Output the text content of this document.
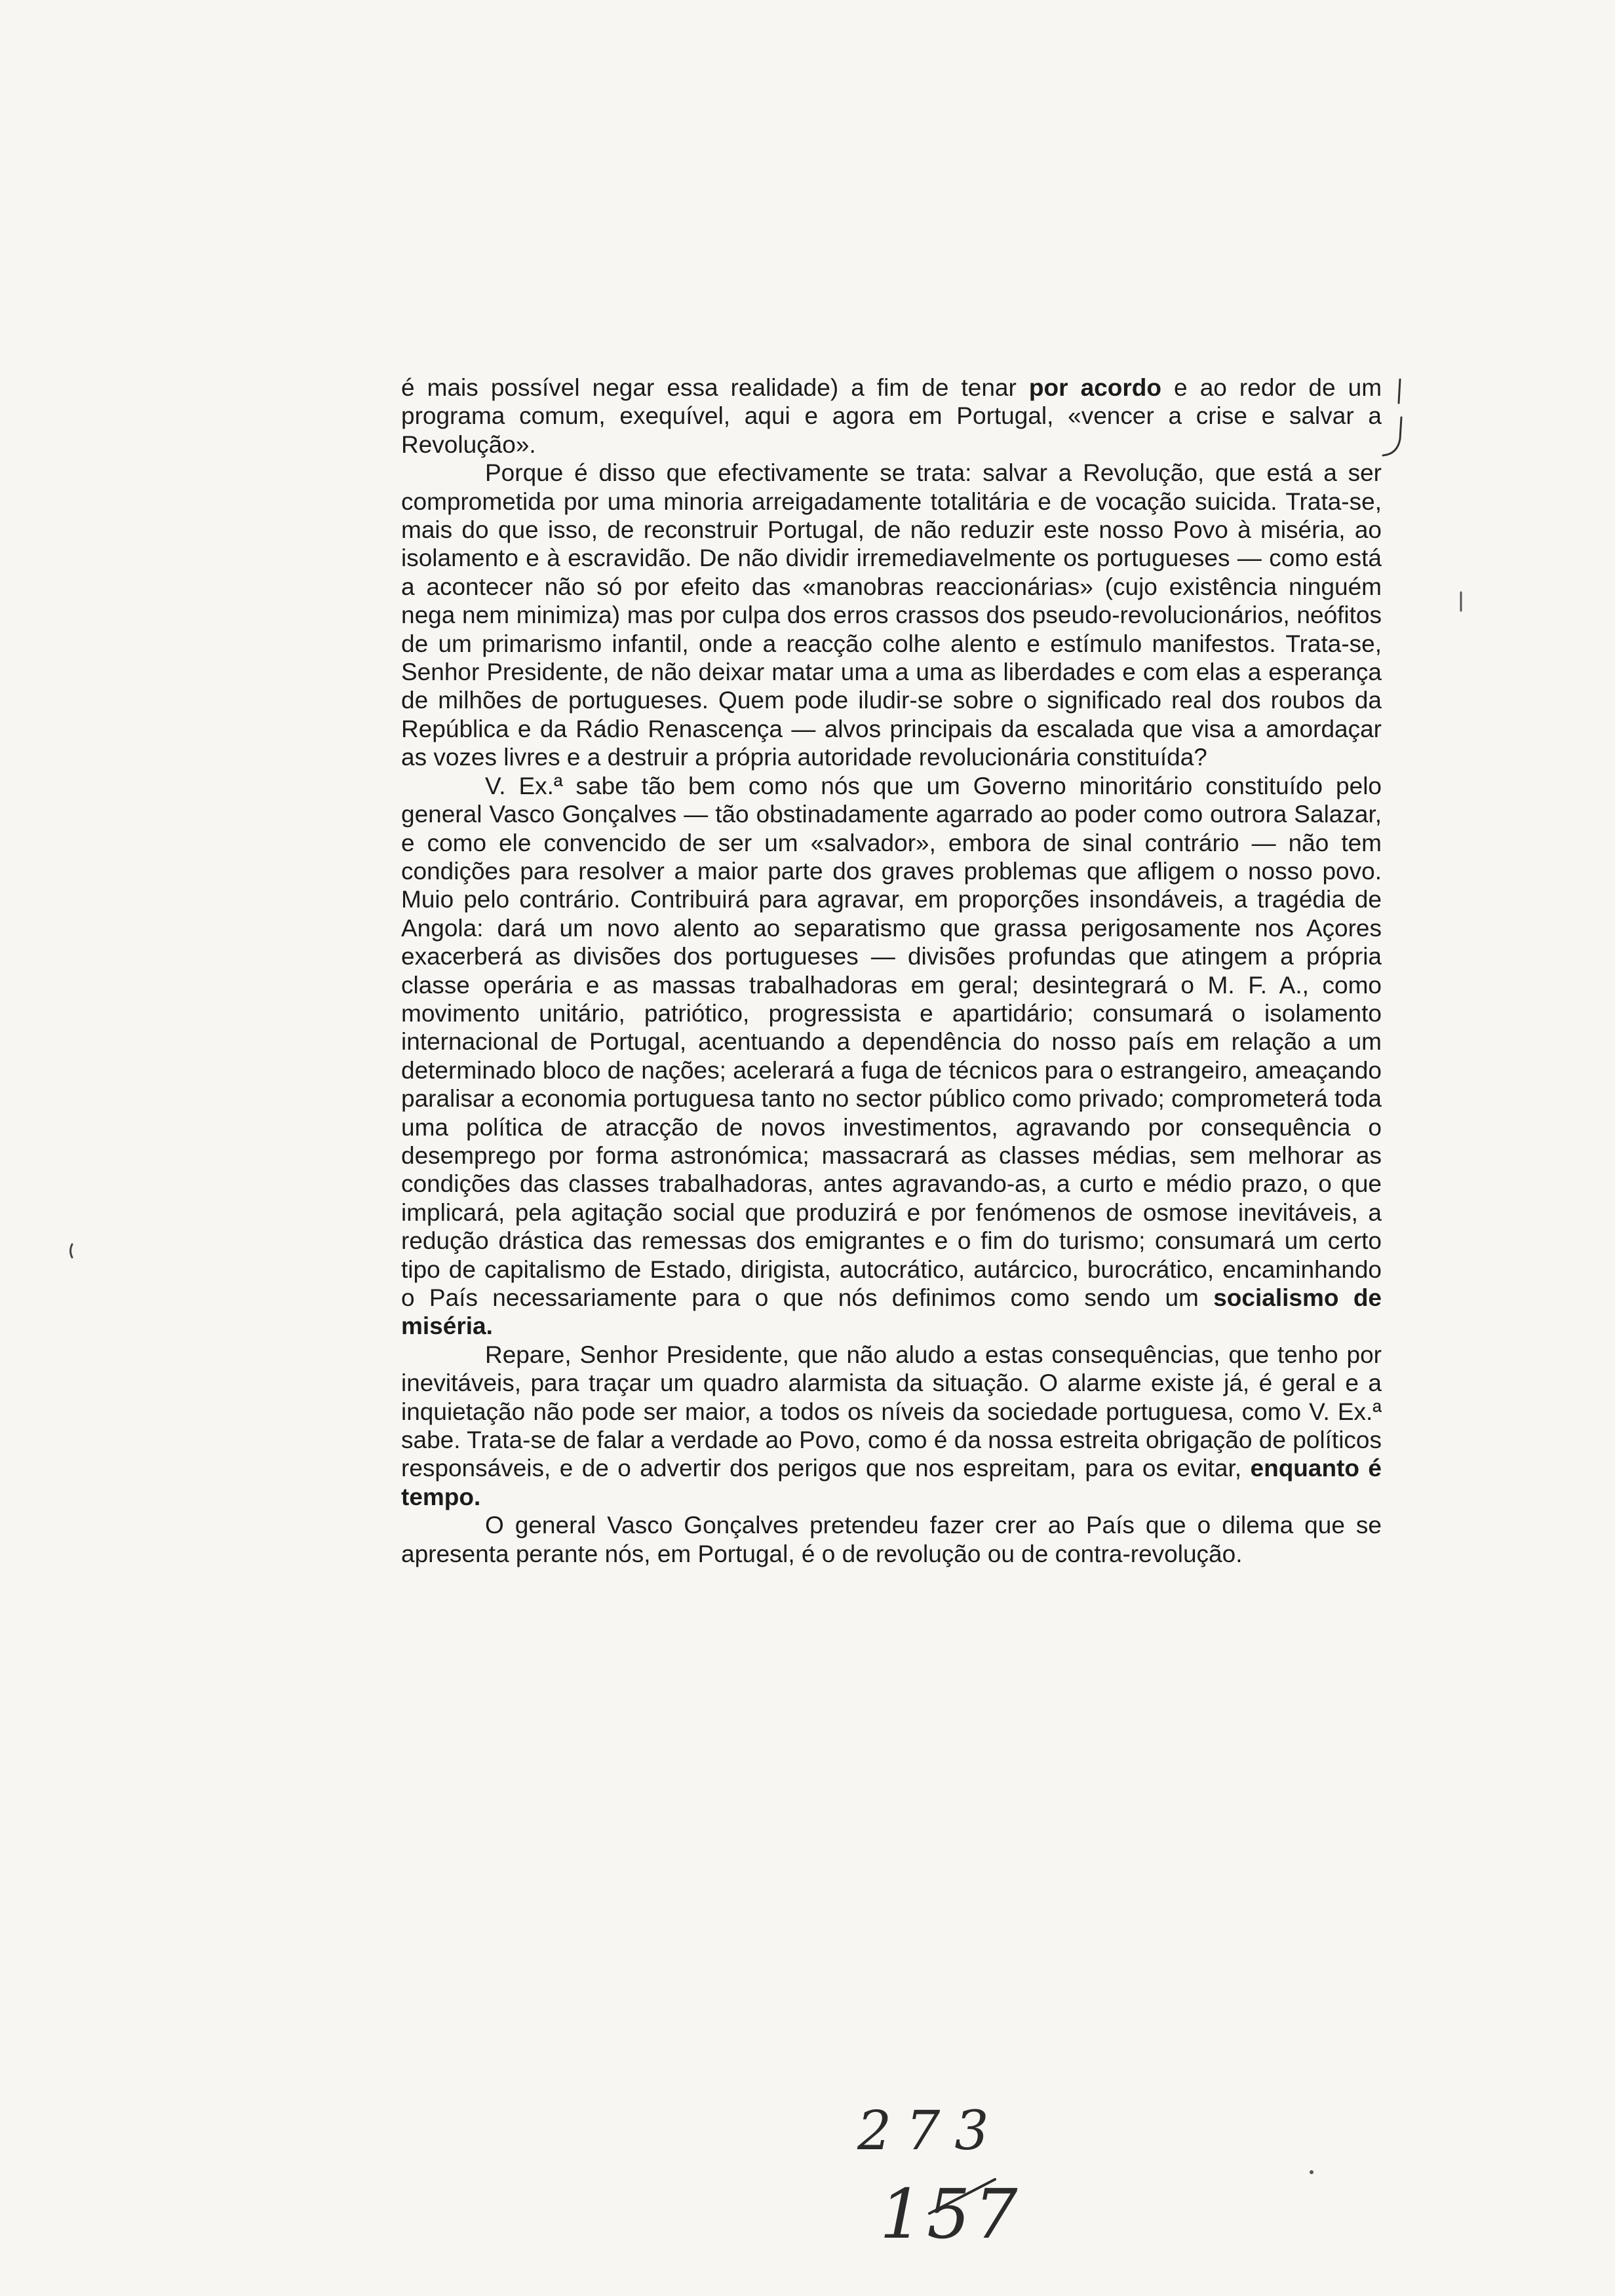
é mais possível negar essa realidade) a fim de tenar por acordo e ao redor de um programa comum, exequível, aqui e agora em Portugal, «vencer a crise e salvar a Revolução».

Porque é disso que efectivamente se trata: salvar a Revolução, que está a ser comprometida por uma minoria arreigadamente totalitária e de vocação suicida. Trata-se, mais do que isso, de reconstruir Portugal, de não reduzir este nosso Povo à miséria, ao isolamento e à escravidão. De não dividir irremediavelmente os portugueses — como está a acontecer não só por efeito das «manobras reaccionárias» (cujo existência ninguém nega nem minimiza) mas por culpa dos erros crassos dos pseudo-revolucionários, neófitos de um primarismo infantil, onde a reacção colhe alento e estímulo manifestos. Trata-se, Senhor Presidente, de não deixar matar uma a uma as liberdades e com elas a esperança de milhões de portugueses. Quem pode iludir-se sobre o significado real dos roubos da República e da Rádio Renascença — alvos principais da escalada que visa a amordaçar as vozes livres e a destruir a própria autoridade revolucionária constituída?

V. Ex.ª sabe tão bem como nós que um Governo minoritário constituído pelo general Vasco Gonçalves — tão obstinadamente agarrado ao poder como outrora Salazar, e como ele convencido de ser um «salvador», embora de sinal contrário — não tem condições para resolver a maior parte dos graves problemas que afligem o nosso povo. Muio pelo contrário. Contribuirá para agravar, em proporções insondáveis, a tragédia de Angola: dará um novo alento ao separatismo que grassa perigosamente nos Açores exacerberá as divisões dos portugueses — divisões profundas que atingem a própria classe operária e as massas trabalhadoras em geral; desintegrará o M. F. A., como movimento unitário, patriótico, progressista e apartidário; consumará o isolamento internacional de Portugal, acentuando a dependência do nosso país em relação a um determinado bloco de nações; acelerará a fuga de técnicos para o estrangeiro, ameaçando paralisar a economia portuguesa tanto no sector público como privado; comprometerá toda uma política de atracção de novos investimentos, agravando por consequência o desemprego por forma astronómica; massacrará as classes médias, sem melhorar as condições das classes trabalhadoras, antes agravando-as, a curto e médio prazo, o que implicará, pela agitação social que produzirá e por fenómenos de osmose inevitáveis, a redução drástica das remessas dos emigrantes e o fim do turismo; consumará um certo tipo de capitalismo de Estado, dirigista, autocrático, autárcico, burocrático, encaminhando o País necessariamente para o que nós definimos como sendo um socialismo de miséria.

Repare, Senhor Presidente, que não aludo a estas consequências, que tenho por inevitáveis, para traçar um quadro alarmista da situação. O alarme existe já, é geral e a inquietação não pode ser maior, a todos os níveis da sociedade portuguesa, como V. Ex.ª sabe. Trata-se de falar a verdade ao Povo, como é da nossa estreita obrigação de políticos responsáveis, e de o advertir dos perigos que nos espreitam, para os evitar, enquanto é tempo.

O general Vasco Gonçalves pretendeu fazer crer ao País que o dilema que se apresenta perante nós, em Portugal, é o de revolução ou de contra-revolução.

273
157
